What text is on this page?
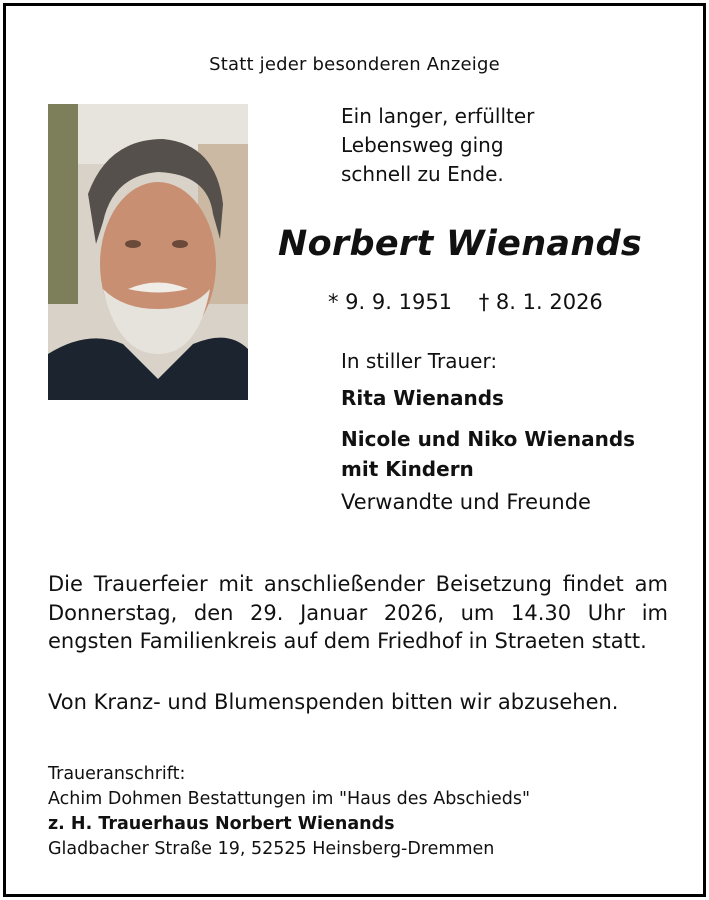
Statt jeder besonderen Anzeige

Ein langer, erfüllter
Lebensweg ging
schnell zu Ende.

Norbert Wienands

* 9. 9. 1951 † 8. 1. 2026

In stiller Trauer:

Rita Wienands

Nicole und Niko Wienands
mit Kindern

Verwandte und Freunde

Die Trauerfeier mit anschließender Beisetzung findet am Donnerstag, den 29. Januar 2026, um 14.30 Uhr im engsten Familienkreis auf dem Friedhof in Straeten statt.

Von Kranz- und Blumenspenden bitten wir abzusehen.

Traueranschrift:
Achim Dohmen Bestattungen im "Haus des Abschieds"
z. H. Trauerhaus Norbert Wienands
Gladbacher Straße 19, 52525 Heinsberg-Dremmen
